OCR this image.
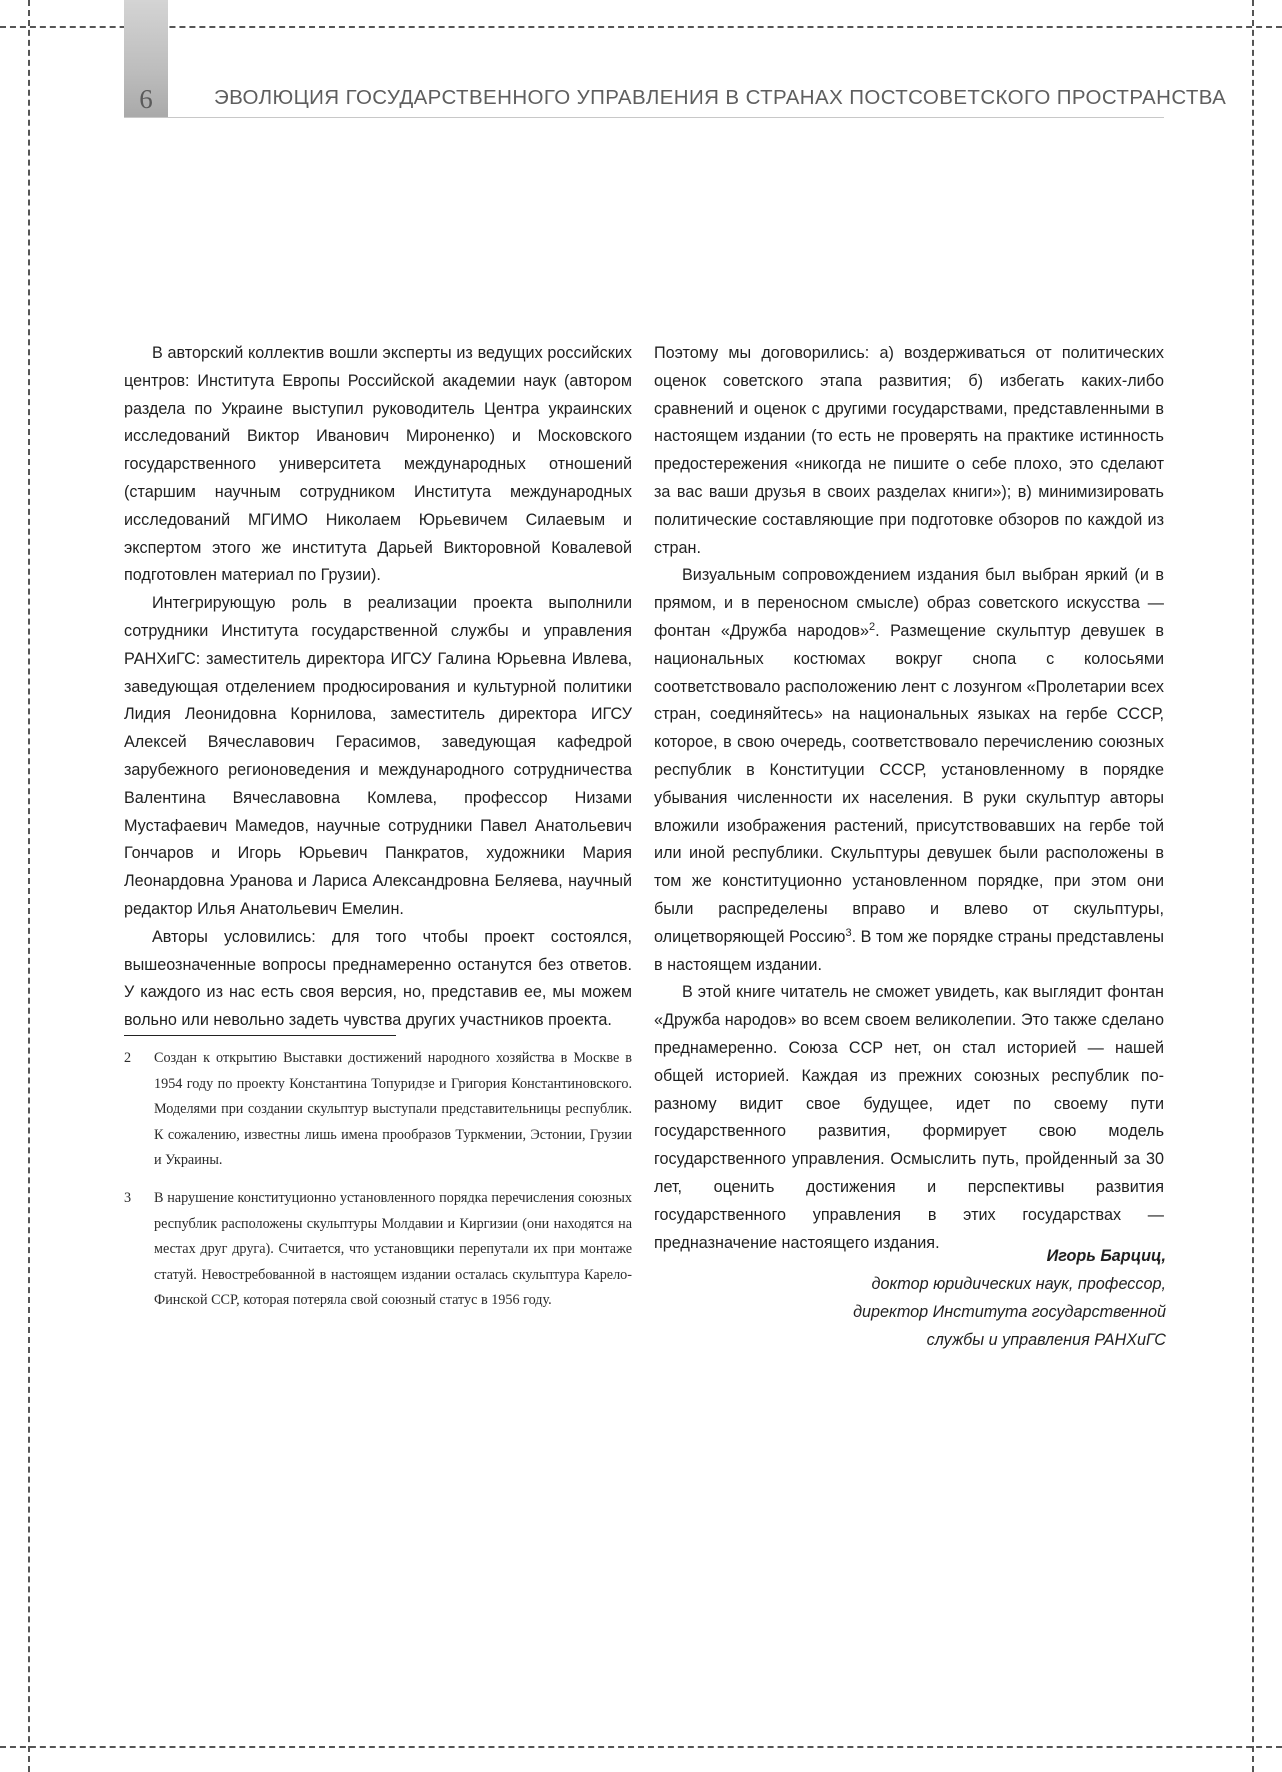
6	ЭВОЛЮЦИЯ ГОСУДАРСТВЕННОГО УПРАВЛЕНИЯ В СТРАНАХ ПОСТСОВЕТСКОГО ПРОСТРАНСТВА

В авторский коллектив вошли эксперты из ведущих российских центров: Института Европы Российской академии наук (автором раздела по Украине выступил руководитель Центра украинских исследований Виктор Иванович Мироненко) и Московского государственного университета международных отношений (старшим научным сотрудником Института международных исследований МГИМО Николаем Юрьевичем Силаевым и экспертом этого же института Дарьей Викторовной Ковалевой подготовлен материал по Грузии).

Интегрирующую роль в реализации проекта выполнили сотрудники Института государственной службы и управления РАНХиГС: заместитель директора ИГСУ Галина Юрьевна Ивлева, заведующая отделением продюсирования и культурной политики Лидия Леонидовна Корнилова, заместитель директора ИГСУ Алексей Вячеславович Герасимов, заведующая кафедрой зарубежного регионоведения и международного сотрудничества Валентина Вячеславовна Комлева, профессор Низами Мустафаевич Мамедов, научные сотрудники Павел Анатольевич Гончаров и Игорь Юрьевич Панкратов, художники Мария Леонардовна Уранова и Лариса Александровна Беляева, научный редактор Илья Анатольевич Емелин.

Авторы условились: для того чтобы проект состоялся, вышеозначенные вопросы преднамеренно останутся без ответов. У каждого из нас есть своя версия, но, представив ее, мы можем вольно или невольно задеть чувства других участников проекта.

2	Создан к открытию Выставки достижений народного хозяйства в Москве в 1954 году по проекту Константина Топуридзе и Григория Константиновского. Моделями при создании скульптур выступали представительницы республик. К сожалению, известны лишь имена прообразов Туркмении, Эстонии, Грузии и Украины.
3	В нарушение конституционно установленного порядка перечисления союзных республик расположены скульптуры Молдавии и Киргизии (они находятся на местах друг друга). Считается, что установщики перепутали их при монтаже статуй. Невостребованной в настоящем издании осталась скульптура Карело-Финской ССР, которая потеряла свой союзный статус в 1956 году.

Поэтому мы договорились: а) воздерживаться от политических оценок советского этапа развития; б) избегать каких-либо сравнений и оценок с другими государствами, представленными в настоящем издании (то есть не проверять на практике истинность предостережения «никогда не пишите о себе плохо, это сделают за вас ваши друзья в своих разделах книги»); в) минимизировать политические составляющие при подготовке обзоров по каждой из стран.

Визуальным сопровождением издания был выбран яркий (и в прямом, и в переносном смысле) образ советского искусства — фонтан «Дружба народов»$^2$. Размещение скульптур девушек в национальных костюмах вокруг снопа с колосьями соответствовало расположению лент с лозунгом «Пролетарии всех стран, соединяйтесь» на национальных языках на гербе СССР, которое, в свою очередь, соответствовало перечислению союзных республик в Конституции СССР, установленному в порядке убывания численности их населения. В руки скульптур авторы вложили изображения растений, присутствовавших на гербе той или иной республики. Скульптуры девушек были расположены в том же конституционно установленном порядке, при этом они были распределены вправо и влево от скульптуры, олицетворяющей Россию$^3$. В том же порядке страны представлены в настоящем издании.

В этой книге читатель не сможет увидеть, как выглядит фонтан «Дружба народов» во всем своем великолепии. Это также сделано преднамеренно. Союза ССР нет, он стал историей — нашей общей историей. Каждая из прежних союзных республик по-разному видит свое будущее, идет по своему пути государственного развития, формирует свою модель государственного управления. Осмыслить путь, пройденный за 30 лет, оценить достижения и перспективы развития государственного управления в этих государствах — предназначение настоящего издания.

Игорь Барциц,
доктор юридических наук, профессор,
директор Института государственной
службы и управления РАНХиГС
